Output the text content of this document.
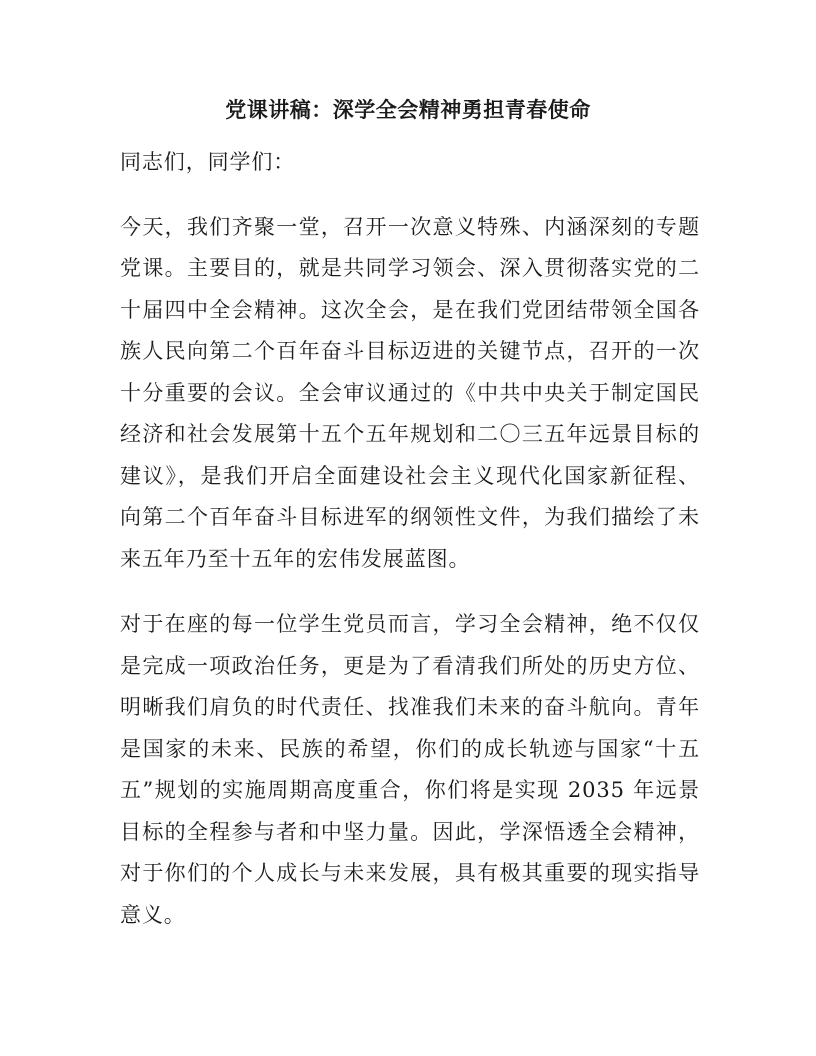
党课讲稿：深学全会精神勇担青春使命

同志们，同学们：

今天，我们齐聚一堂，召开一次意义特殊、内涵深刻的专题党课。主要目的，就是共同学习领会、深入贯彻落实党的二十届四中全会精神。这次全会，是在我们党团结带领全国各族人民向第二个百年奋斗目标迈进的关键节点，召开的一次十分重要的会议。全会审议通过的《中共中央关于制定国民经济和社会发展第十五个五年规划和二〇三五年远景目标的建议》，是我们开启全面建设社会主义现代化国家新征程、向第二个百年奋斗目标进军的纲领性文件，为我们描绘了未来五年乃至十五年的宏伟发展蓝图。

对于在座的每一位学生党员而言，学习全会精神，绝不仅仅是完成一项政治任务，更是为了看清我们所处的历史方位、明晰我们肩负的时代责任、找准我们未来的奋斗航向。青年是国家的未来、民族的希望，你们的成长轨迹与国家“十五五”规划的实施周期高度重合，你们将是实现 2035 年远景目标的全程参与者和中坚力量。因此，学深悟透全会精神，对于你们的个人成长与未来发展，具有极其重要的现实指导意义。
